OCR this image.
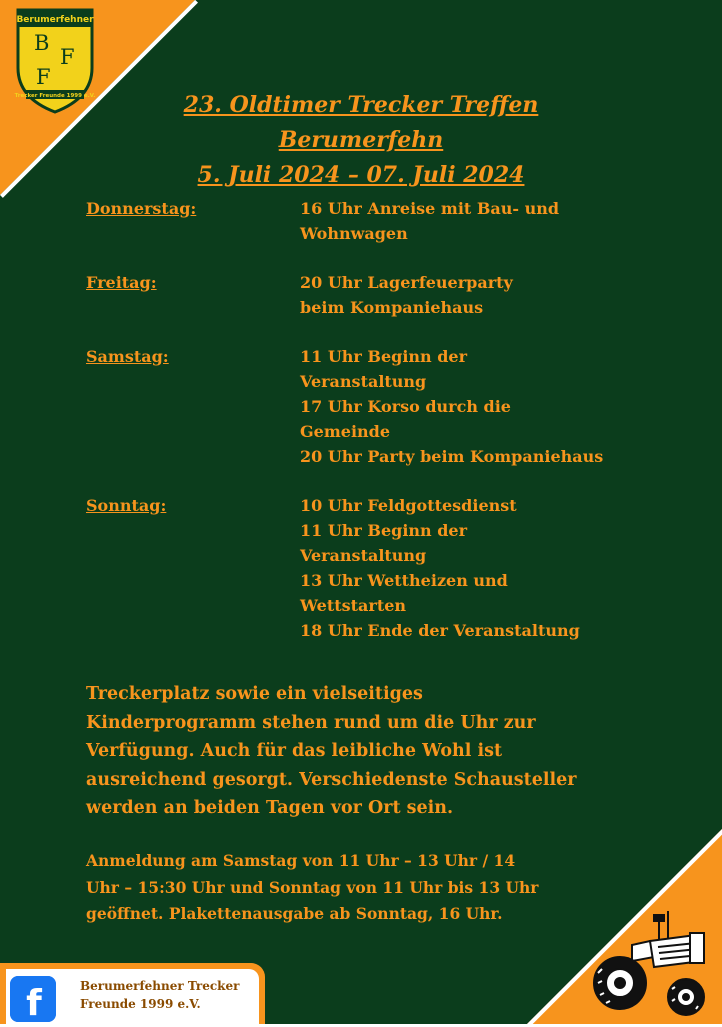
Berumerfehner
B
F
F
Trecker Freunde 1999 e.V.	23. Oldtimer Trecker Treffen
Berumerfehn
5. Juli 2024 – 07. Juli 2024
Donnerstag:	16 Uhr Anreise mit Bau- und
Wohnwagen
Freitag:	20 Uhr Lagerfeuerparty
beim Kompaniehaus
Samstag:	11 Uhr Beginn der
Veranstaltung
17 Uhr Korso durch die
Gemeinde
20 Uhr Party beim Kompaniehaus
Sonntag:	10 Uhr Feldgottesdienst
11 Uhr Beginn der
Veranstaltung
13 Uhr Wettheizen und
Wettstarten
18 Uhr Ende der Veranstaltung
Treckerplatz sowie ein vielseitiges
Kinderprogramm stehen rund um die Uhr zur
Verfügung. Auch für das leibliche Wohl ist
ausreichend gesorgt. Verschiedenste Schausteller
werden an beiden Tagen vor Ort sein.
Anmeldung am Samstag von 11 Uhr – 13 Uhr / 14
Uhr – 15:30 Uhr und Sonntag von 11 Uhr bis 13 Uhr
geöffnet. Plakettenausgabe ab Sonntag, 16 Uhr.
f	Berumerfehner Trecker
Freunde 1999 e.V.
